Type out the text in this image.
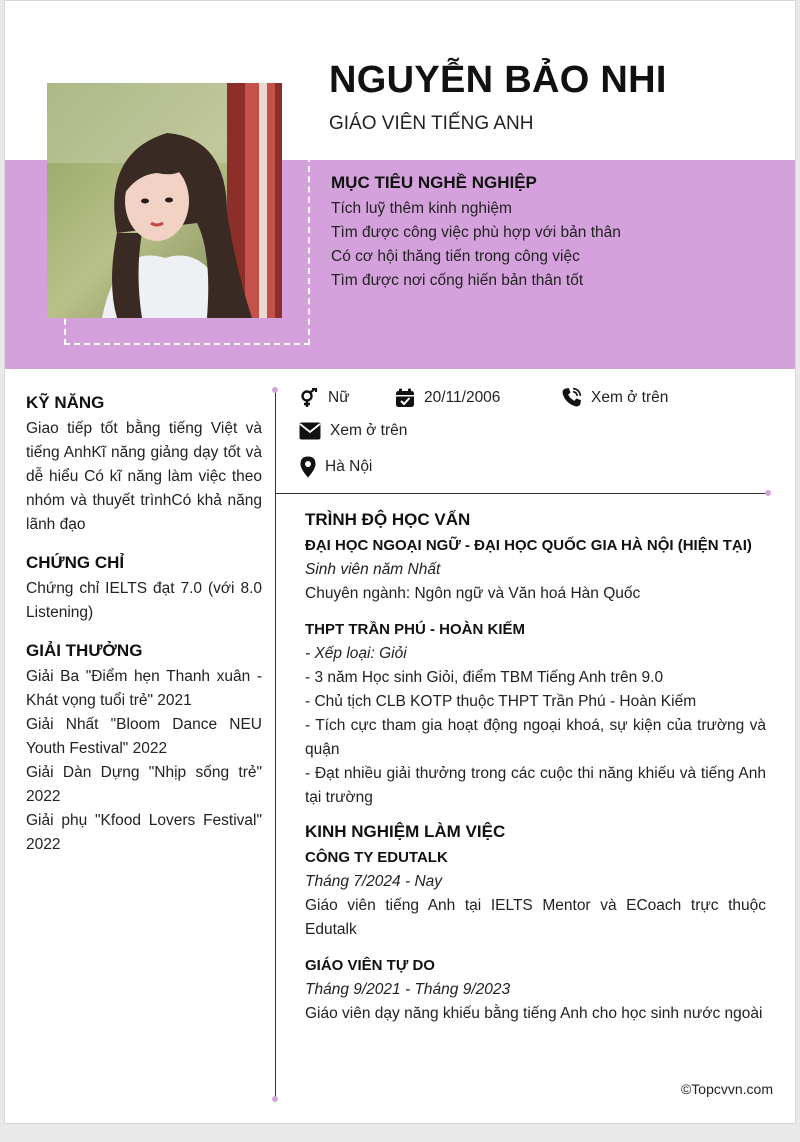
NGUYỄN BẢO NHI
GIÁO VIÊN TIẾNG ANH
MỤC TIÊU NGHỀ NGHIỆP
Tích luỹ thêm kinh nghiệm
Tìm được công việc phù hợp với bản thân
Có cơ hội thăng tiến trong công việc
Tìm được nơi cống hiến bản thân tốt
Nữ	20/11/2006	Xem ở trên
Xem ở trên
Hà Nội
KỸ NĂNG
Giao tiếp tốt bằng tiếng Việt và tiếng AnhKĩ năng giảng dạy tốt và dễ hiểu Có kĩ năng làm việc theo nhóm và thuyết trìnhCó khả năng lãnh đạo
CHỨNG CHỈ
Chứng chỉ IELTS đạt 7.0 (với 8.0 Listening)
GIẢI THƯỞNG
Giải Ba "Điểm hẹn Thanh xuân - Khát vọng tuổi trẻ" 2021
Giải Nhất "Bloom Dance NEU Youth Festival" 2022
Giải Dàn Dựng "Nhịp sống trẻ" 2022
Giải phụ "Kfood Lovers Festival" 2022
TRÌNH ĐỘ HỌC VẤN
ĐẠI HỌC NGOẠI NGỮ - ĐẠI HỌC QUỐC GIA HÀ NỘI (HIỆN TẠI)
Sinh viên năm Nhất
Chuyên ngành: Ngôn ngữ và Văn hoá Hàn Quốc
THPT TRẦN PHÚ - HOÀN KIẾM
- Xếp loại: Giỏi
- 3 năm Học sinh Giỏi, điểm TBM Tiếng Anh trên 9.0
- Chủ tịch CLB KOTP thuộc THPT Trần Phú - Hoàn Kiếm
- Tích cực tham gia hoạt động ngoại khoá, sự kiện của trường và quận
- Đạt nhiều giải thưởng trong các cuộc thi năng khiếu và tiếng Anh tại trường
KINH NGHIỆM LÀM VIỆC
CÔNG TY EDUTALK
Tháng 7/2024 - Nay
Giáo viên tiếng Anh tại IELTS Mentor và ECoach trực thuộc Edutalk
GIÁO VIÊN TỰ DO
Tháng 9/2021 - Tháng 9/2023
Giáo viên dạy năng khiếu bằng tiếng Anh cho học sinh nước ngoài
©Topcvvn.com
